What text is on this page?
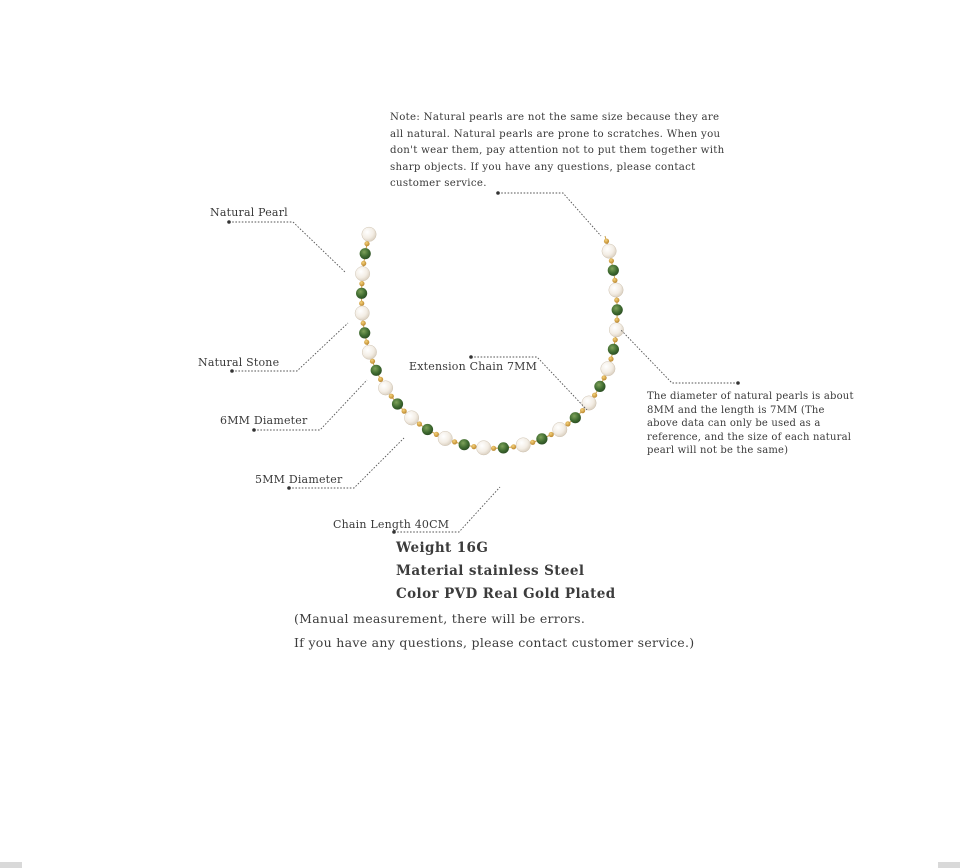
Note: Natural pearls are not the same size because they are all natural. Natural pearls are prone to scratches. When you don't wear them, pay attention not to put them together with sharp objects. If you have any questions, please contact customer service.
Natural Pearl
Natural Stone
6MM Diameter
5MM Diameter
Chain Length 40CM
Extension Chain 7MM
The diameter of natural pearls is about 8MM and the length is 7MM (The above data can only be used as a reference, and the size of each natural pearl will not be the same)
Weight 16G
Material stainless Steel
Color PVD Real Gold Plated
(Manual measurement, there will be errors.
If you have any questions, please contact customer service.)
